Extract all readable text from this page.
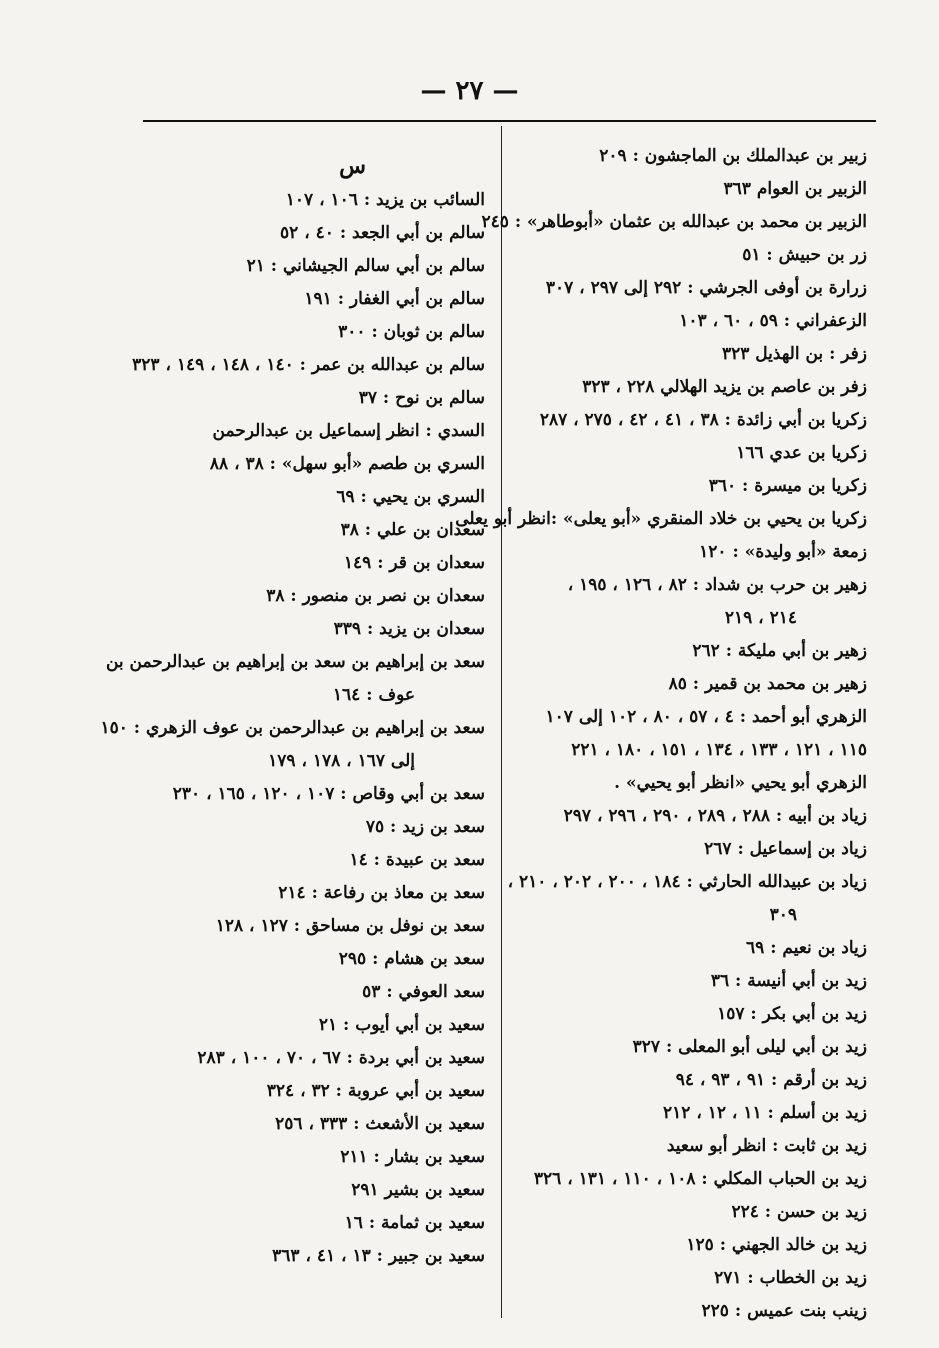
— ٢٧ —
زبير بن عبدالملك بن الماجشون : ٢٠٩
الزبير بن العوام ٣٦٣
الزبير بن محمد بن عبدالله بن عثمان «أبوطاهر» : ٢٤٥
زر بن حبيش : ٥١
زرارة بن أوفى الجرشي : ٢٩٢ إلى ٢٩٧ ، ٣٠٧
الزعفراني : ٥٩ ، ٦٠ ، ١٠٣
زفر : بن الهذيل ٣٢٣
زفر بن عاصم بن يزيد الهلالي ٢٢٨ ، ٣٢٣
زكريا بن أبي زائدة : ٣٨ ، ٤١ ، ٤٢ ، ٢٧٥ ، ٢٨٧
زكريا بن عدي ١٦٦
زكريا بن ميسرة : ٣٦٠
زكريا بن يحيي بن خلاد المنقري «أبو يعلى» :انظر أبو يعلى
زمعة «أبو وليدة» : ١٢٠
زهير بن حرب بن شداد : ٨٢ ، ١٢٦ ، ١٩٥ ،
٢١٤ ، ٢١٩
زهير بن أبي مليكة : ٢٦٢
زهير بن محمد بن قمير : ٨٥
الزهري أبو أحمد : ٤ ، ٥٧ ، ٨٠ ، ١٠٢ إلى ١٠٧
١١٥ ، ١٢١ ، ١٣٣ ، ١٣٤ ، ١٥١ ، ١٨٠ ، ٢٢١
الزهري أبو يحيي «انظر أبو يحيي» .
زياد بن أبيه : ٢٨٨ ، ٢٨٩ ، ٢٩٠ ، ٢٩٦ ، ٢٩٧
زياد بن إسماعيل : ٢٦٧
زياد بن عبيدالله الحارثي : ١٨٤ ، ٢٠٠ ، ٢٠٢ ، ٢١٠ ،
٣٠٩
زياد بن نعيم : ٦٩
زيد بن أبي أنيسة : ٣٦
زيد بن أبي بكر : ١٥٧
زيد بن أبي ليلى أبو المعلى : ٣٢٧
زيد بن أرقم : ٩١ ، ٩٣ ، ٩٤
زيد بن أسلم : ١١ ، ١٢ ، ٢١٢
زيد بن ثابت : انظر أبو سعيد
زيد بن الحباب المكلي : ١٠٨ ، ١١٠ ، ١٣١ ، ٣٢٦
زيد بن حسن : ٢٢٤
زيد بن خالد الجهني : ١٢٥
زيد بن الخطاب : ٢٧١
زينب بنت عميس : ٢٢٥
س
السائب بن يزيد : ١٠٦ ، ١٠٧
سالم بن أبي الجعد : ٤٠ ، ٥٢
سالم بن أبي سالم الجيشاني : ٢١
سالم بن أبي الغفار : ١٩١
سالم بن ثوبان : ٣٠٠
سالم بن عبدالله بن عمر : ١٤٠ ، ١٤٨ ، ١٤٩ ، ٣٢٣
سالم بن نوح : ٣٧
السدي : انظر إسماعيل بن عبدالرحمن
السري بن طصم «أبو سهل» : ٣٨ ، ٨٨
السري بن يحيي : ٦٩
سعدان بن علي : ٣٨
سعدان بن قر : ١٤٩
سعدان بن نصر بن منصور : ٣٨
سعدان بن يزيد : ٣٣٩
سعد بن إبراهيم بن سعد بن إبراهيم بن عبدالرحمن بن
عوف : ١٦٤
سعد بن إبراهيم بن عبدالرحمن بن عوف الزهري : ١٥٠
إلى ١٦٧ ، ١٧٨ ، ١٧٩
سعد بن أبي وقاص : ١٠٧ ، ١٢٠ ، ١٦٥ ، ٢٣٠
سعد بن زيد : ٧٥
سعد بن عبيدة : ١٤
سعد بن معاذ بن رفاعة : ٢١٤
سعد بن نوفل بن مساحق : ١٢٧ ، ١٢٨
سعد بن هشام : ٢٩٥
سعد العوفي : ٥٣
سعيد بن أبي أيوب : ٢١
سعيد بن أبي بردة : ٦٧ ، ٧٠ ، ١٠٠ ، ٢٨٣
سعيد بن أبي عروبة : ٣٢ ، ٣٢٤
سعيد بن الأشعث : ٣٣٣ ، ٢٥٦
سعيد بن بشار : ٢١١
سعيد بن بشير ٢٩١
سعيد بن ثمامة : ١٦
سعيد بن جبير : ١٣ ، ٤١ ، ٣٦٣
